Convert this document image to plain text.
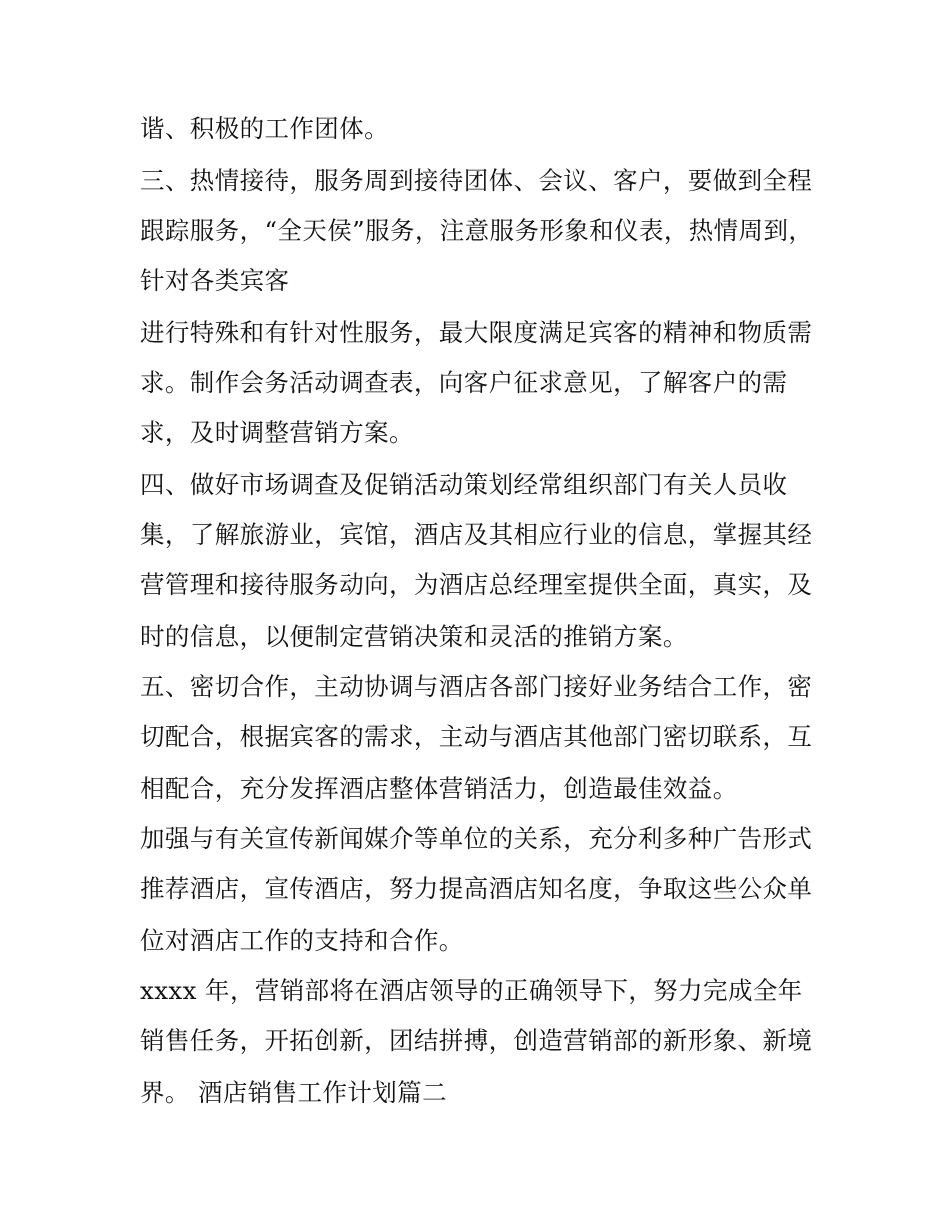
谐、积极的工作团体。
三、热情接待，服务周到接待团体、会议、客户，要做到全程
跟踪服务，“全天侯”服务，注意服务形象和仪表，热情周到，
针对各类宾客
进行特殊和有针对性服务，最大限度满足宾客的精神和物质需
求。制作会务活动调查表，向客户征求意见，了解客户的需
求，及时调整营销方案。
四、做好市场调查及促销活动策划经常组织部门有关人员收
集，了解旅游业，宾馆，酒店及其相应行业的信息，掌握其经
营管理和接待服务动向，为酒店总经理室提供全面，真实，及
时的信息，以便制定营销决策和灵活的推销方案。
五、密切合作，主动协调与酒店各部门接好业务结合工作，密
切配合，根据宾客的需求，主动与酒店其他部门密切联系，互
相配合，充分发挥酒店整体营销活力，创造最佳效益。
加强与有关宣传新闻媒介等单位的关系，充分利多种广告形式
推荐酒店，宣传酒店，努力提高酒店知名度，争取这些公众单
位对酒店工作的支持和合作。
xxxx 年，营销部将在酒店领导的正确领导下，努力完成全年
销售任务，开拓创新，团结拼搏，创造营销部的新形象、新境
界。 酒店销售工作计划篇二
